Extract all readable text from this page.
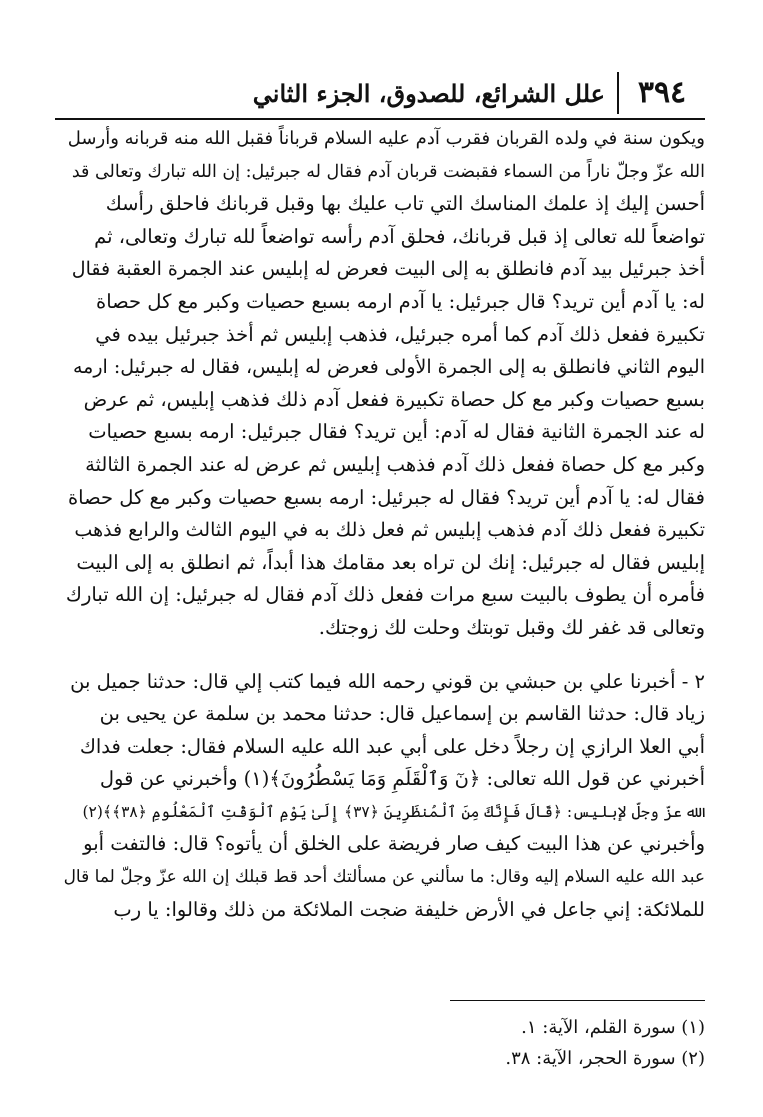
٣٩٤
علل الشرائع، للصدوق، الجزء الثاني
ويكون سنة في ولده القربان فقرب آدم عليه السلام قرباناً فقبل الله منه قربانه وأرسل
الله عزّ وجلّ ناراً من السماء فقبضت قربان آدم فقال له جبرئيل: إن الله تبارك وتعالى قد
أحسن إليك إذ علمك المناسك التي تاب عليك بها وقبل قربانك فاحلق رأسك
تواضعاً لله تعالى إذ قبل قربانك، فحلق آدم رأسه تواضعاً لله تبارك وتعالى، ثم
أخذ جبرئيل بيد آدم فانطلق به إلى البيت فعرض له إبليس عند الجمرة العقبة فقال
له: يا آدم أين تريد؟ قال جبرئيل: يا آدم ارمه بسبع حصيات وكبر مع كل حصاة
تكبيرة ففعل ذلك آدم كما أمره جبرئيل، فذهب إبليس ثم أخذ جبرئيل بيده في
اليوم الثاني فانطلق به إلى الجمرة الأولى فعرض له إبليس، فقال له جبرئيل: ارمه
بسبع حصيات وكبر مع كل حصاة تكبيرة ففعل آدم ذلك فذهب إبليس، ثم عرض
له عند الجمرة الثانية فقال له آدم: أين تريد؟ فقال جبرئيل: ارمه بسبع حصيات
وكبر مع كل حصاة ففعل ذلك آدم فذهب إبليس ثم عرض له عند الجمرة الثالثة
فقال له: يا آدم أين تريد؟ فقال له جبرئيل: ارمه بسبع حصيات وكبر مع كل حصاة
تكبيرة ففعل ذلك آدم فذهب إبليس ثم فعل ذلك به في اليوم الثالث والرابع فذهب
إبليس فقال له جبرئيل: إنك لن تراه بعد مقامك هذا أبداً، ثم انطلق به إلى البيت
فأمره أن يطوف بالبيت سبع مرات ففعل ذلك آدم فقال له جبرئيل: إن الله تبارك
وتعالى قد غفر لك وقبل توبتك وحلت لك زوجتك.
٢ - أخبرنا علي بن حبشي بن قوني رحمه الله فيما كتب إلي قال: حدثنا جميل بن
زياد قال: حدثنا القاسم بن إسماعيل قال: حدثنا محمد بن سلمة عن يحيى بن
أبي العلا الرازي إن رجلاً دخل على أبي عبد الله عليه السلام فقال: جعلت فداك
أخبرني عن قول الله تعالى: ﴿نٓ وَٱلْقَلَمِ وَمَا يَسْطُرُونَ﴾(١) وأخبرني عن قول
الله عزّ وجلّ لإبليس: ﴿قَالَ فَإِنَّكَ مِنَ ٱلْمُنظَرِينَ ﴿٣٧﴾ إِلَىٰ يَوْمِ ٱلْوَقْتِ ٱلْمَعْلُومِ ﴿٣٨﴾﴾(٢)
وأخبرني عن هذا البيت كيف صار فريضة على الخلق أن يأتوه؟ قال: فالتفت أبو
عبد الله عليه السلام إليه وقال: ما سألني عن مسألتك أحد قط قبلك إن الله عزّ وجلّ لما قال
للملائكة: إني جاعل في الأرض خليفة ضجت الملائكة من ذلك وقالوا: يا رب
(١) سورة القلم، الآية: ١.
(٢) سورة الحجر، الآية: ٣٨.
